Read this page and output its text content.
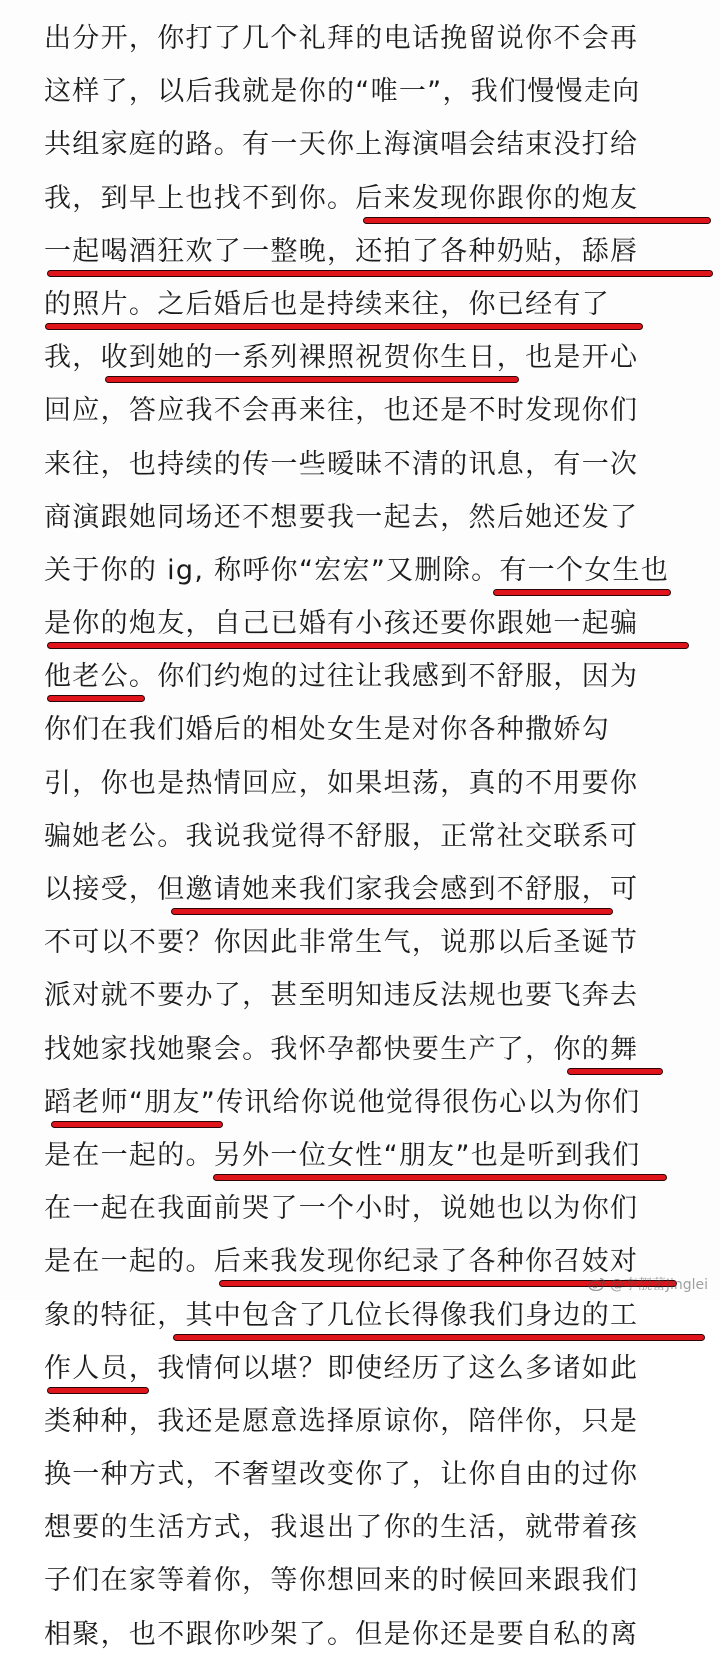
出分开，你打了几个礼拜的电话挽留说你不会再
这样了，以后我就是你的“唯一”，我们慢慢走向
共组家庭的路。有一天你上海演唱会结束没打给
我，到早上也找不到你。后来发现你跟你的炮友
一起喝酒狂欢了一整晚，还拍了各种奶贴，舔唇
的照片。之后婚后也是持续来往，你已经有了
我，收到她的一系列裸照祝贺你生日，也是开心
回应，答应我不会再来往，也还是不时发现你们
来往，也持续的传一些暧昧不清的讯息，有一次
商演跟她同场还不想要我一起去，然后她还发了
关于你的 ig, 称呼你“宏宏”又删除。有一个女生也
是你的炮友，自己已婚有小孩还要你跟她一起骗
他老公。你们约炮的过往让我感到不舒服，因为
你们在我们婚后的相处女生是对你各种撒娇勾
引，你也是热情回应，如果坦荡，真的不用要你
骗她老公。我说我觉得不舒服，正常社交联系可
以接受，但邀请她来我们家我会感到不舒服，可
不可以不要？你因此非常生气，说那以后圣诞节
派对就不要办了，甚至明知违反法规也要飞奔去
找她家找她聚会。我怀孕都快要生产了，你的舞
蹈老师“朋友”传讯给你说他觉得很伤心以为你们
是在一起的。另外一位女性“朋友”也是听到我们
在一起在我面前哭了一个小时，说她也以为你们
是在一起的。后来我发现你纪录了各种你召妓对
象的特征，其中包含了几位长得像我们身边的工
作人员，我情何以堪？即使经历了这么多诸如此
类种种，我还是愿意选择原谅你，陪伴你，只是
换一种方式，不奢望改变你了，让你自由的过你
想要的生活方式，我退出了你的生活，就带着孩
子们在家等着你，等你想回来的时候回来跟我们
相聚，也不跟你吵架了。但是你还是要自私的离
@李靓蕾Jinglei
